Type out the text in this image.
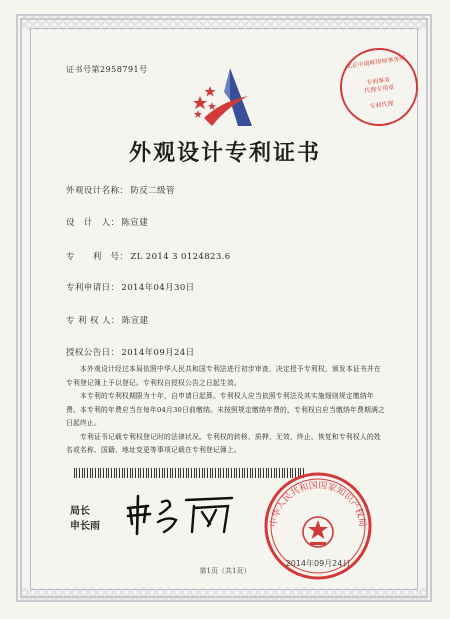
证书号第2958791号	北京中南辉律师事务所
专利事务
代理专用章
专利代理
外观设计专利证书
外观设计名称： 防反二级管
设　计　人： 陈宣建
专　　利　号： ZL 2014 3 0124823.6
专利申请日： 2014年04月30日
专 利 权 人： 陈宣建
授权公告日： 2014年09月24日

本外观设计经过本局依照中华人民共和国专利法进行初步审查，决定授予专利权，颁发本证书并在专利登记簿上予以登记。专利权自授权公告之日起生效。

本专利的专利权期限为十年，自申请日起算。专利权人应当依照专利法及其实施细则规定缴纳年费。本专利的年费应当在每年04月30日前缴纳。未按照规定缴纳年费的，专利权自应当缴纳年费期满之日起终止。

专利证书记载专利权登记时的法律状况。专利权的转移、质押、无效、终止、恢复和专利权人的姓名或名称、国籍、地址变更等事项记载在专利登记簿上。

局长
申长雨	中华人民共和国国家知识产权局
2014年09月24日
第1页（共1页）
